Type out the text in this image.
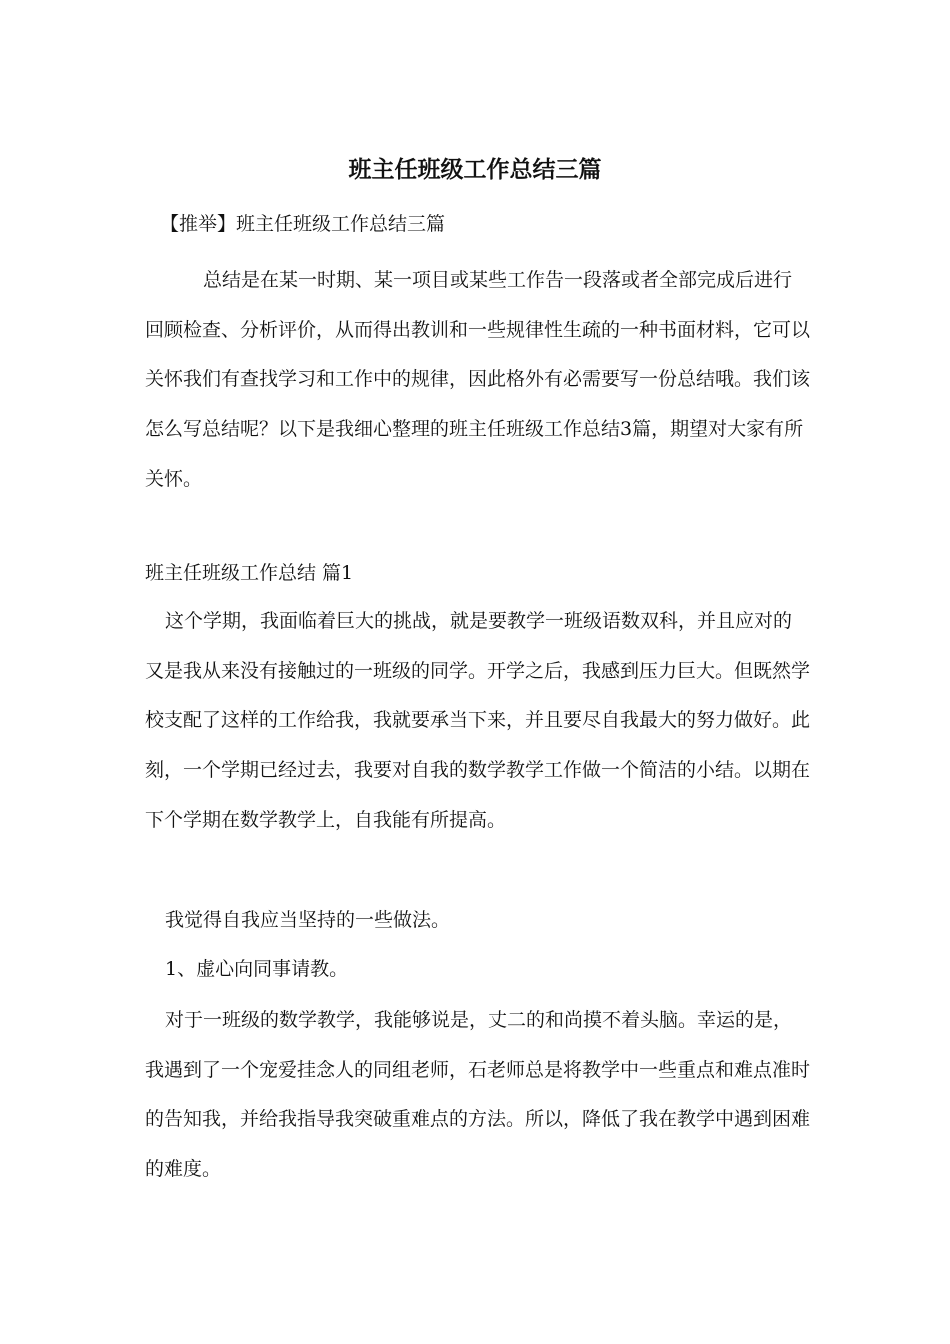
班主任班级工作总结三篇

【推举】班主任班级工作总结三篇

总结是在某一时期、某一项目或某些工作告一段落或者全部完成后进行回顾检查、分析评价，从而得出教训和一些规律性生疏的一种书面材料，它可以关怀我们有查找学习和工作中的规律，因此格外有必需要写一份总结哦。我们该怎么写总结呢？以下是我细心整理的班主任班级工作总结3篇，期望对大家有所关怀。

班主任班级工作总结 篇1

这个学期，我面临着巨大的挑战，就是要教学一班级语数双科，并且应对的又是我从来没有接触过的一班级的同学。开学之后，我感到压力巨大。但既然学校支配了这样的工作给我，我就要承当下来，并且要尽自我最大的努力做好。此刻，一个学期已经过去，我要对自我的数学教学工作做一个简洁的小结。以期在下个学期在数学教学上，自我能有所提高。

我觉得自我应当坚持的一些做法。

1、虚心向同事请教。

对于一班级的数学教学，我能够说是，丈二的和尚摸不着头脑。幸运的是，我遇到了一个宠爱挂念人的同组老师，石老师总是将教学中一些重点和难点准时的告知我，并给我指导我突破重难点的方法。所以，降低了我在教学中遇到困难的难度。
